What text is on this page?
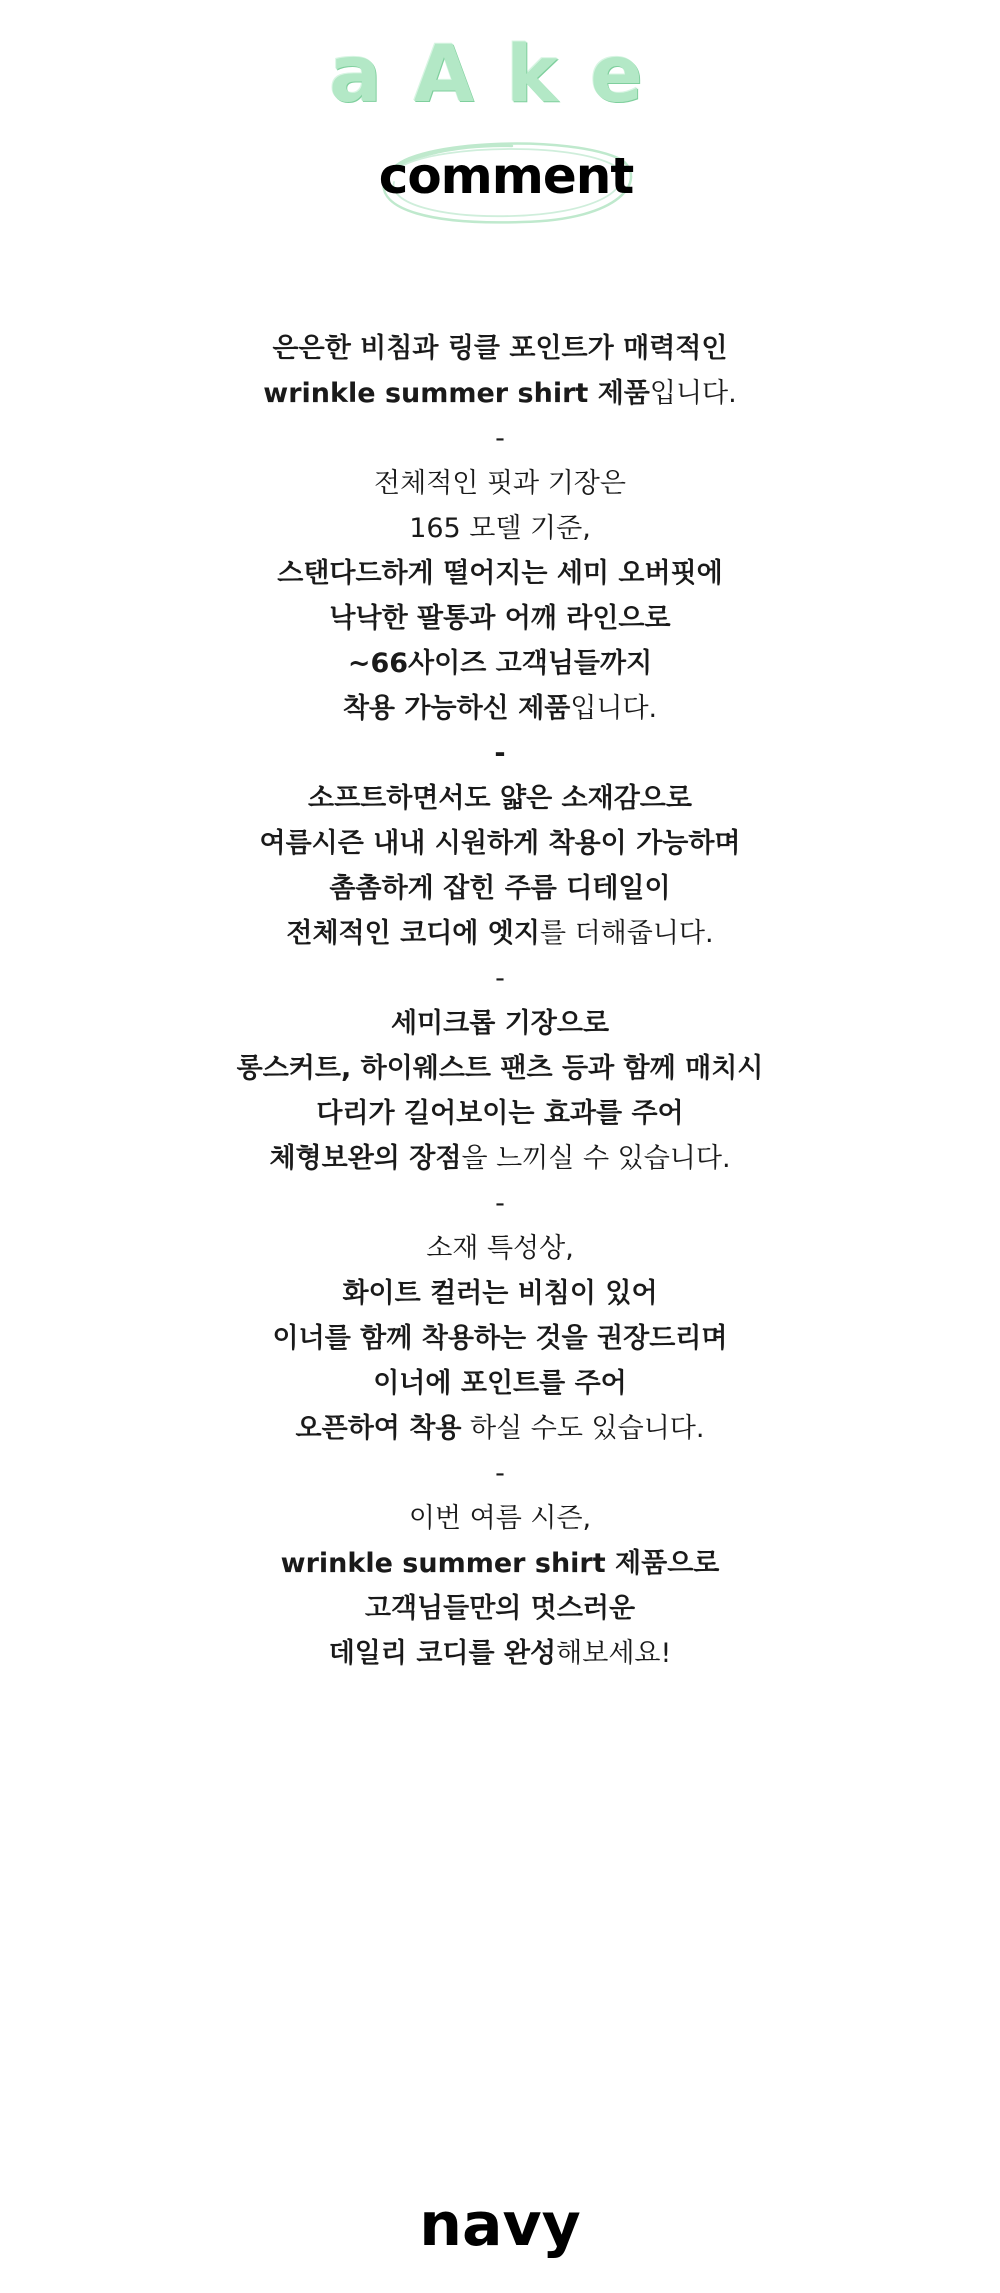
aAke
comment
은은한 비침과 링클 포인트가 매력적인
wrinkle summer shirt 제품입니다.
-
전체적인 핏과 기장은
165 모델 기준,
스탠다드하게 떨어지는 세미 오버핏에
낙낙한 팔통과 어깨 라인으로
~66사이즈 고객님들까지
착용 가능하신 제품입니다.
-
소프트하면서도 얇은 소재감으로
여름시즌 내내 시원하게 착용이 가능하며
촘촘하게 잡힌 주름 디테일이
전체적인 코디에 엣지를 더해줍니다.
-
세미크롭 기장으로
롱스커트, 하이웨스트 팬츠 등과 함께 매치시
다리가 길어보이는 효과를 주어
체형보완의 장점을 느끼실 수 있습니다.
-
소재 특성상,
화이트 컬러는 비침이 있어
이너를 함께 착용하는 것을 권장드리며
이너에 포인트를 주어
오픈하여 착용 하실 수도 있습니다.
-
이번 여름 시즌,
wrinkle summer shirt 제품으로
고객님들만의 멋스러운
데일리 코디를 완성해보세요!
navy
